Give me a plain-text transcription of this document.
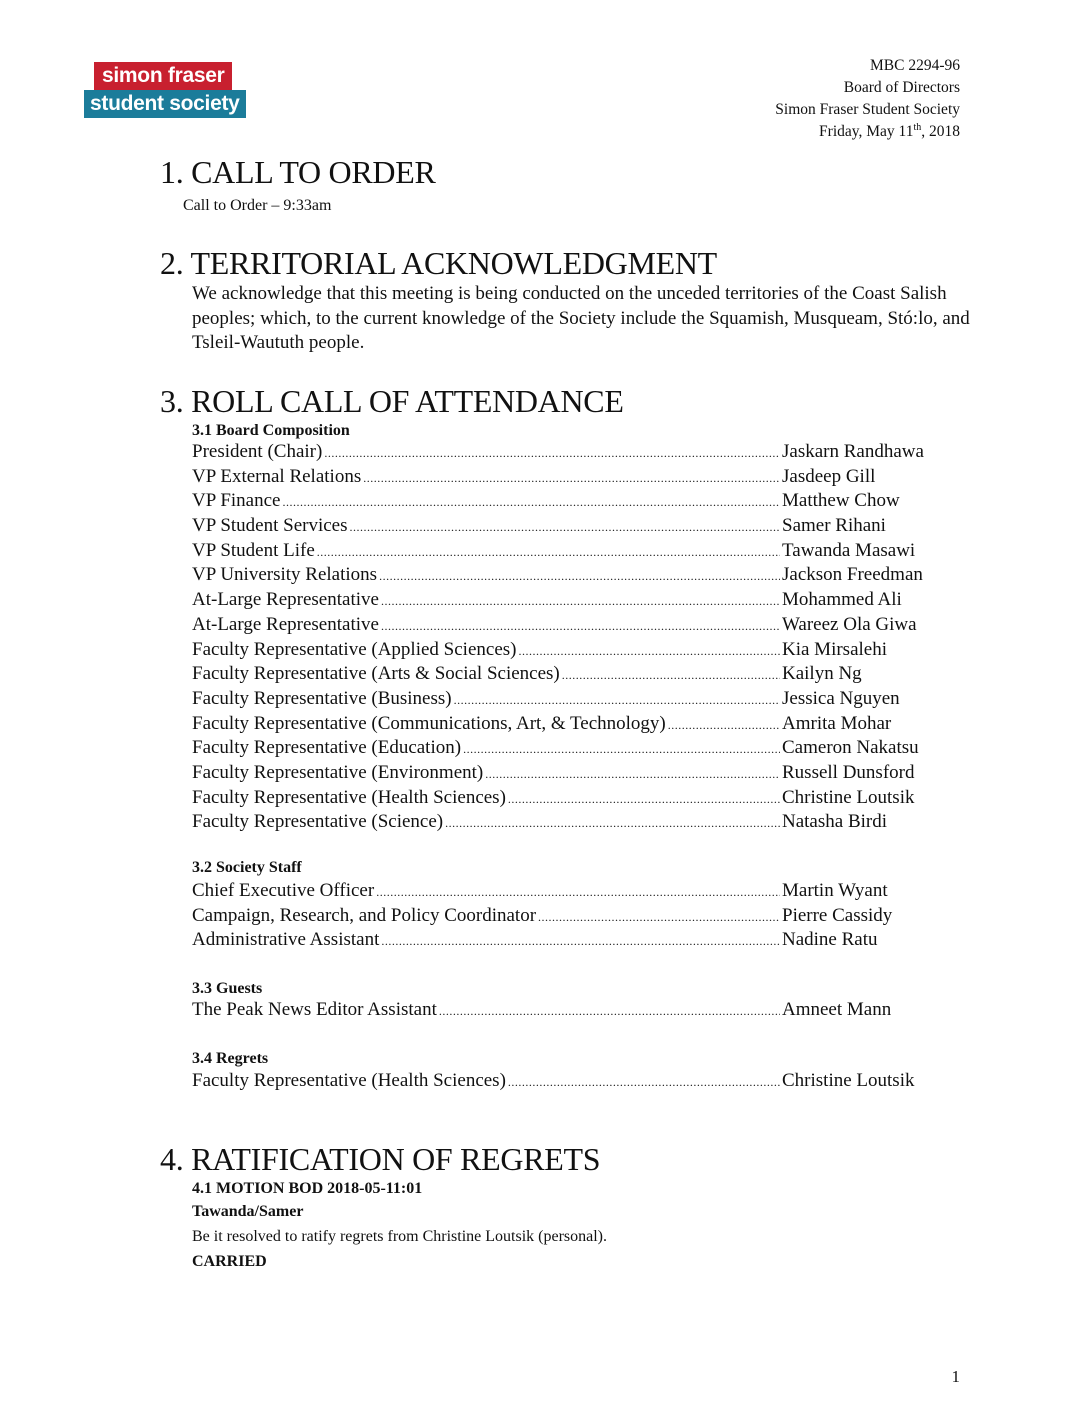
simon fraser
student society
MBC 2294-96
Board of Directors
Simon Fraser Student Society
Friday, May 11th, 2018
1. CALL TO ORDER
Call to Order – 9:33am
2. TERRITORIAL ACKNOWLEDGMENT
We acknowledge that this meeting is being conducted on the unceded territories of the Coast Salish peoples; which, to the current knowledge of the Society include the Squamish, Musqueam, Stó:lo, and Tsleil-Waututh people.
3. ROLL CALL OF ATTENDANCE
3.1 Board Composition
President (Chair) .....	Jaskarn Randhawa
VP External Relations .....	Jasdeep Gill
VP Finance .....	Matthew Chow
VP Student Services .....	Samer Rihani
VP Student Life .....	Tawanda Masawi
VP University Relations .....	Jackson Freedman
At-Large Representative .....	Mohammed Ali
At-Large Representative .....	Wareez Ola Giwa
Faculty Representative (Applied Sciences) .....	Kia Mirsalehi
Faculty Representative (Arts & Social Sciences) .....	Kailyn Ng
Faculty Representative (Business) .....	Jessica Nguyen
Faculty Representative (Communications, Art, & Technology) .....	Amrita Mohar
Faculty Representative (Education) .....	Cameron Nakatsu
Faculty Representative (Environment) .....	Russell Dunsford
Faculty Representative (Health Sciences) .....	Christine Loutsik
Faculty Representative (Science) .....	Natasha Birdi
3.2 Society Staff
Chief Executive Officer .....	Martin Wyant
Campaign, Research, and Policy Coordinator .....	Pierre Cassidy
Administrative Assistant .....	Nadine Ratu
3.3 Guests
The Peak News Editor Assistant .....	Amneet Mann
3.4 Regrets
Faculty Representative (Health Sciences) .....	Christine Loutsik
4. RATIFICATION OF REGRETS
4.1 MOTION BOD 2018-05-11:01
Tawanda/Samer
Be it resolved to ratify regrets from Christine Loutsik (personal).
CARRIED
1
